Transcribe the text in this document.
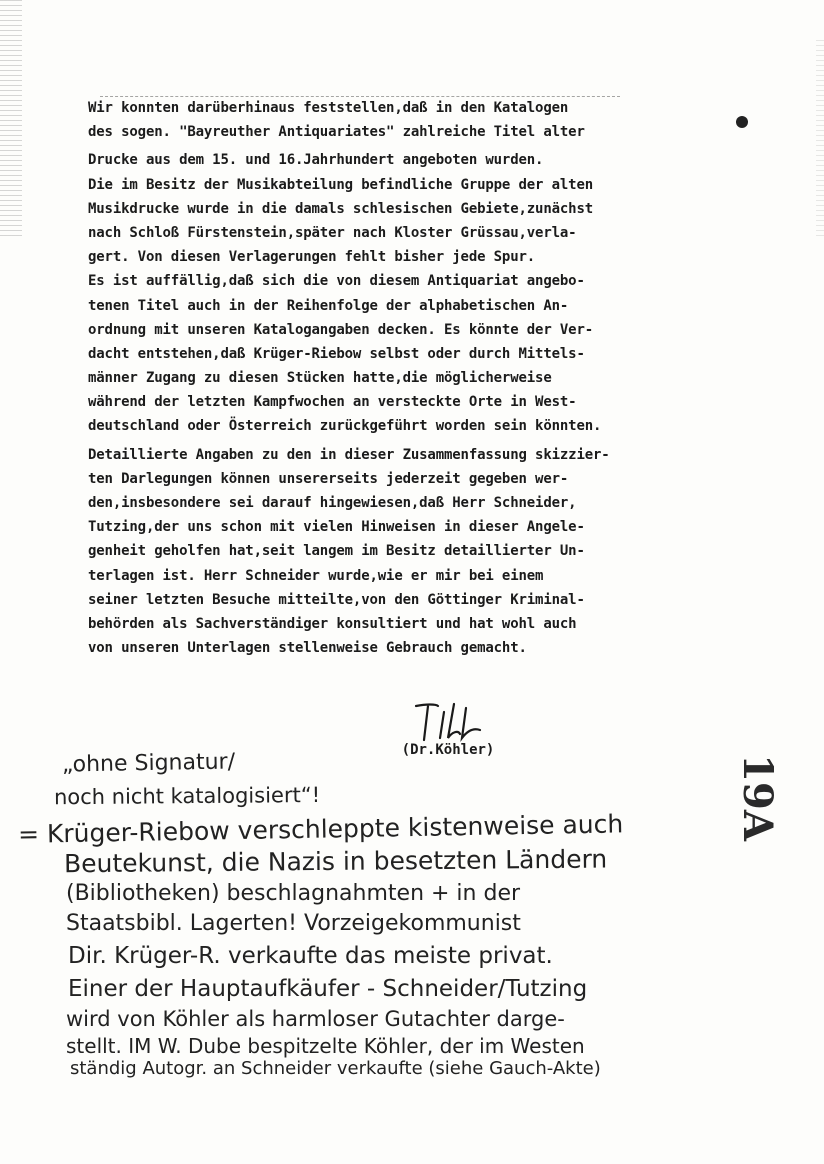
Wir konnten darüberhinaus feststellen,daß in den Katalogen
des sogen. "Bayreuther Antiquariates" zahlreiche Titel alter
Drucke aus dem 15. und 16.Jahrhundert angeboten wurden.
Die im Besitz der Musikabteilung befindliche Gruppe der alten
Musikdrucke wurde in die damals schlesischen Gebiete,zunächst
nach Schloß Fürstenstein,später nach Kloster Grüssau,verla-
gert. Von diesen Verlagerungen fehlt bisher jede Spur.
Es ist auffällig,daß sich die von diesem Antiquariat angebo-
tenen Titel auch in der Reihenfolge der alphabetischen An-
ordnung mit unseren Katalogangaben decken. Es könnte der Ver-
dacht entstehen,daß Krüger-Riebow selbst oder durch Mittels-
männer Zugang zu diesen Stücken hatte,die möglicherweise
während der letzten Kampfwochen an versteckte Orte in West-
deutschland oder Österreich zurückgeführt worden sein könnten.
Detaillierte Angaben zu den in dieser Zusammenfassung skizzier-
ten Darlegungen können unsererseits jederzeit gegeben wer-
den,insbesondere sei darauf hingewiesen,daß Herr Schneider,
Tutzing,der uns schon mit vielen Hinweisen in dieser Angele-
genheit geholfen hat,seit langem im Besitz detaillierter Un-
terlagen ist. Herr Schneider wurde,wie er mir bei einem
seiner letzten Besuche mitteilte,von den Göttinger Kriminal-
behörden als Sachverständiger konsultiert und hat wohl auch
von unseren Unterlagen stellenweise Gebrauch gemacht.
(Dr.Köhler)
19A
„ohne Signatur/
noch nicht katalogisiert“!
= Krüger-Riebow verschleppte kistenweise auch
Beutekunst, die Nazis in besetzten Ländern
(Bibliotheken) beschlagnahmten + in der
Staatsbibl. Lagerten! Vorzeigekommunist
Dir. Krüger-R. verkaufte das meiste privat.
Einer der Hauptaufkäufer - Schneider/Tutzing
wird von Köhler als harmloser Gutachter darge-
stellt. IM W. Dube bespitzelte Köhler, der im Westen
ständig Autogr. an Schneider verkaufte (siehe Gauch-Akte)
